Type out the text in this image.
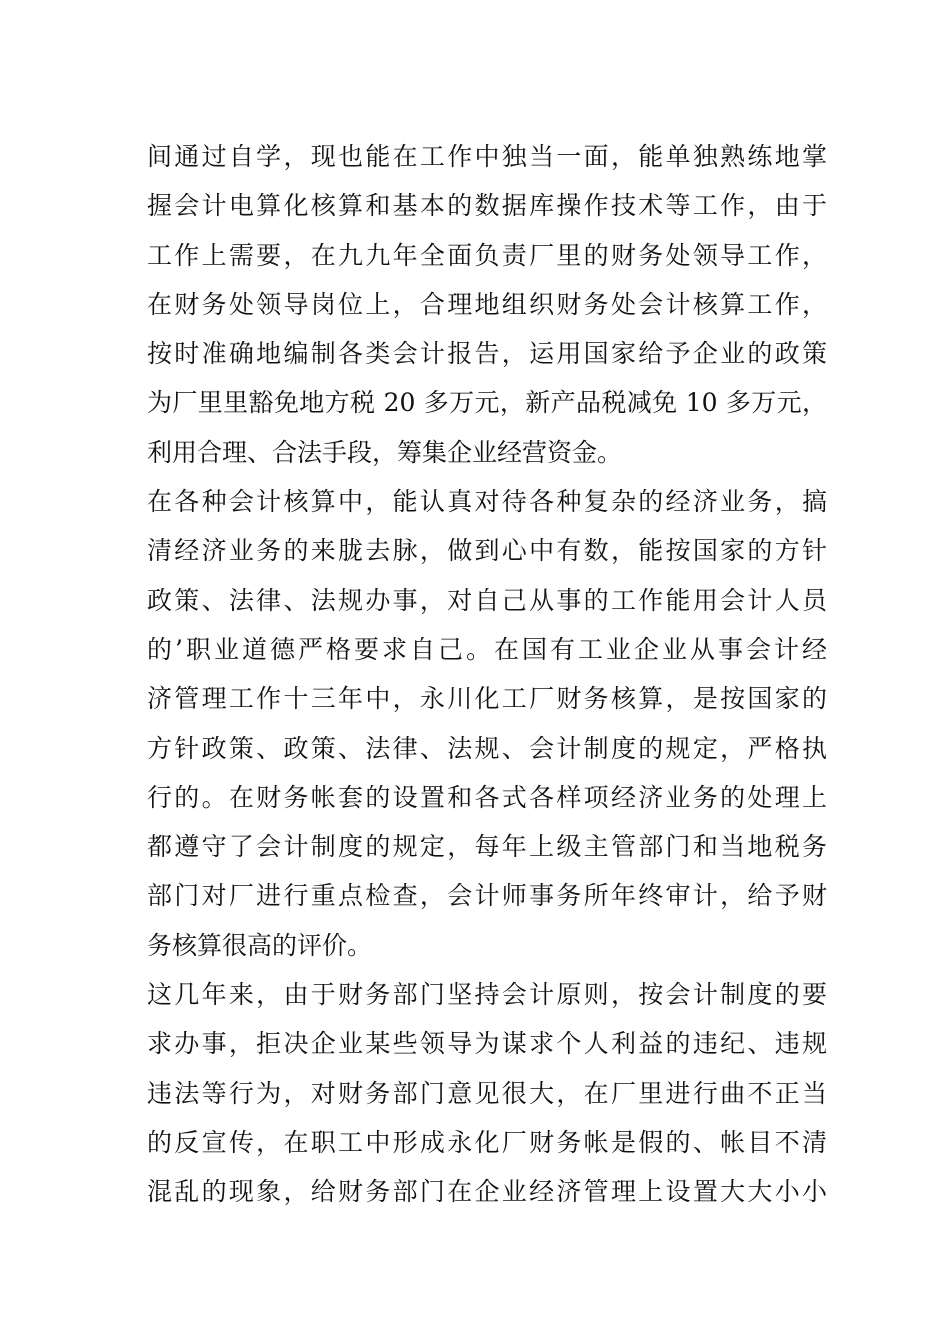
间通过自学，现也能在工作中独当一面，能单独熟练地掌
握会计电算化核算和基本的数据库操作技术等工作，由于
工作上需要，在九九年全面负责厂里的财务处领导工作，
在财务处领导岗位上，合理地组织财务处会计核算工作，
按时准确地编制各类会计报告，运用国家给予企业的政策
为厂里里豁免地方税 20 多万元，新产品税减免 10 多万元，
利用合理、合法手段，筹集企业经营资金。
在各种会计核算中，能认真对待各种复杂的经济业务，搞
清经济业务的来胧去脉，做到心中有数，能按国家的方针
政策、法律、法规办事，对自己从事的工作能用会计人员
的’职业道德严格要求自己。在国有工业企业从事会计经
济管理工作十三年中，永川化工厂财务核算，是按国家的
方针政策、政策、法律、法规、会计制度的规定，严格执
行的。在财务帐套的设置和各式各样项经济业务的处理上
都遵守了会计制度的规定，每年上级主管部门和当地税务
部门对厂进行重点检查，会计师事务所年终审计，给予财
务核算很高的评价。
这几年来，由于财务部门坚持会计原则，按会计制度的要
求办事，拒决企业某些领导为谋求个人利益的违纪、违规
违法等行为，对财务部门意见很大，在厂里进行曲不正当
的反宣传，在职工中形成永化厂财务帐是假的、帐目不清
混乱的现象，给财务部门在企业经济管理上设置大大小小
